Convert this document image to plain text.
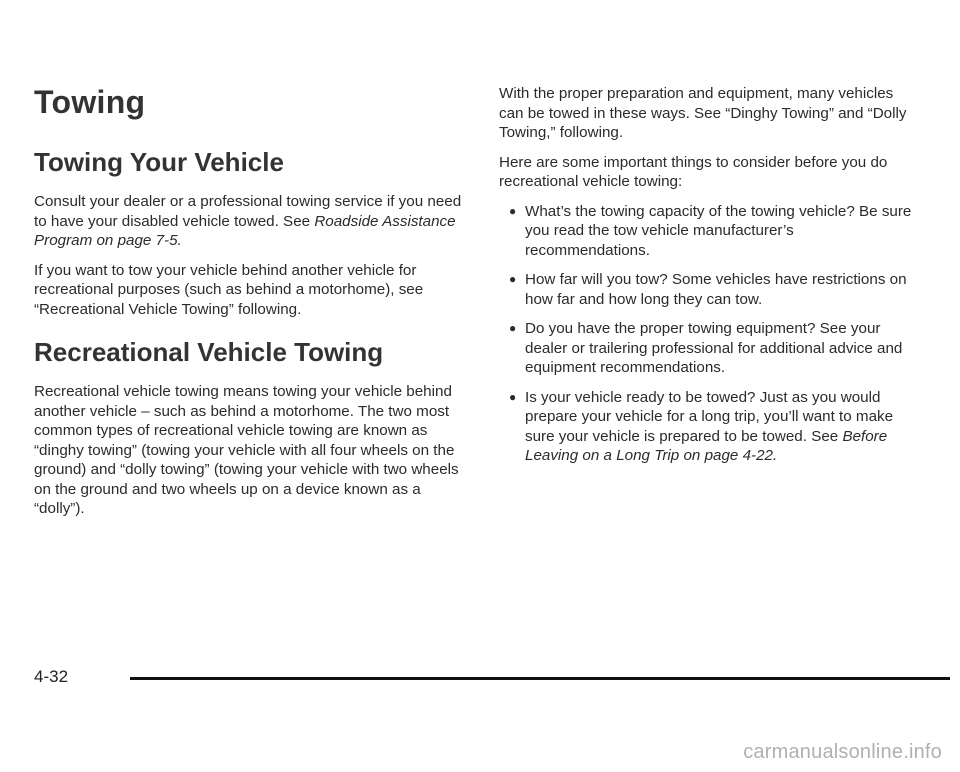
Towing
Towing Your Vehicle

Consult your dealer or a professional towing service if you need to have your disabled vehicle towed. See Roadside Assistance Program on page 7-5.

If you want to tow your vehicle behind another vehicle for recreational purposes (such as behind a motorhome), see “Recreational Vehicle Towing” following.

Recreational Vehicle Towing

Recreational vehicle towing means towing your vehicle behind another vehicle – such as behind a motorhome. The two most common types of recreational vehicle towing are known as “dinghy towing” (towing your vehicle with all four wheels on the ground) and “dolly towing” (towing your vehicle with two wheels on the ground and two wheels up on a device known as a “dolly”).

With the proper preparation and equipment, many vehicles can be towed in these ways. See “Dinghy Towing” and “Dolly Towing,” following.

Here are some important things to consider before you do recreational vehicle towing:

● What’s the towing capacity of the towing vehicle? Be sure you read the tow vehicle manufacturer’s recommendations.
● How far will you tow? Some vehicles have restrictions on how far and how long they can tow.
● Do you have the proper towing equipment? See your dealer or trailering professional for additional advice and equipment recommendations.
● Is your vehicle ready to be towed? Just as you would prepare your vehicle for a long trip, you’ll want to make sure your vehicle is prepared to be towed. See Before Leaving on a Long Trip on page 4-22.
4-32
carmanualsonline.info
